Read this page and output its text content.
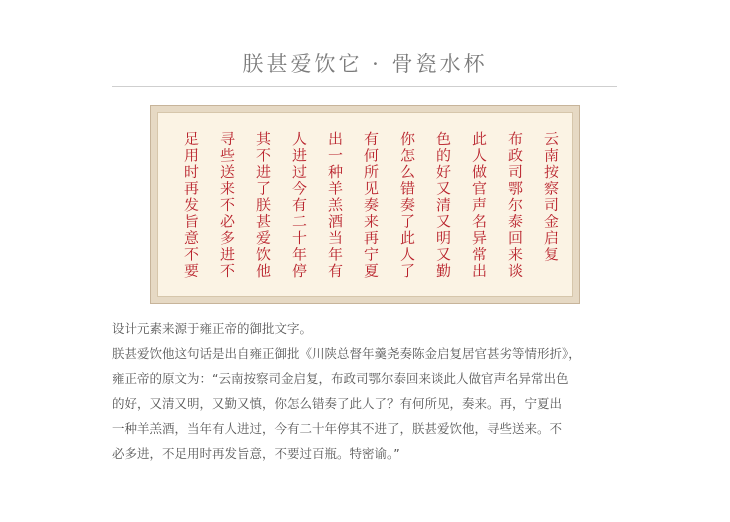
朕甚爱饮它 · 骨瓷水杯
云南按察司金启复
布政司鄂尔泰回来谈
此人做官声名异常出
色的好又清又明又勤
你怎么错奏了此人了
有何所见奏来再宁夏
出一种羊羔酒当年有
人进过今有二十年停
其不进了朕甚爱饮他
寻些送来不必多进不
足用时再发旨意不要

设计元素来源于雍正帝的御批文字。

朕甚爱饮他这句话是出自雍正御批《川陕总督年羹尧奏陈金启复居官甚劣等情形折》，

雍正帝的原文为：“云南按察司金启复，布政司鄂尔泰回来谈此人做官声名异常出色

的好，又清又明，又勤又慎，你怎么错奏了此人了？有何所见，奏来。再，宁夏出

一种羊羔酒，当年有人进过，今有二十年停其不进了，朕甚爱饮他，寻些送来。不

必多进，不足用时再发旨意，不要过百瓶。特密谕。”
